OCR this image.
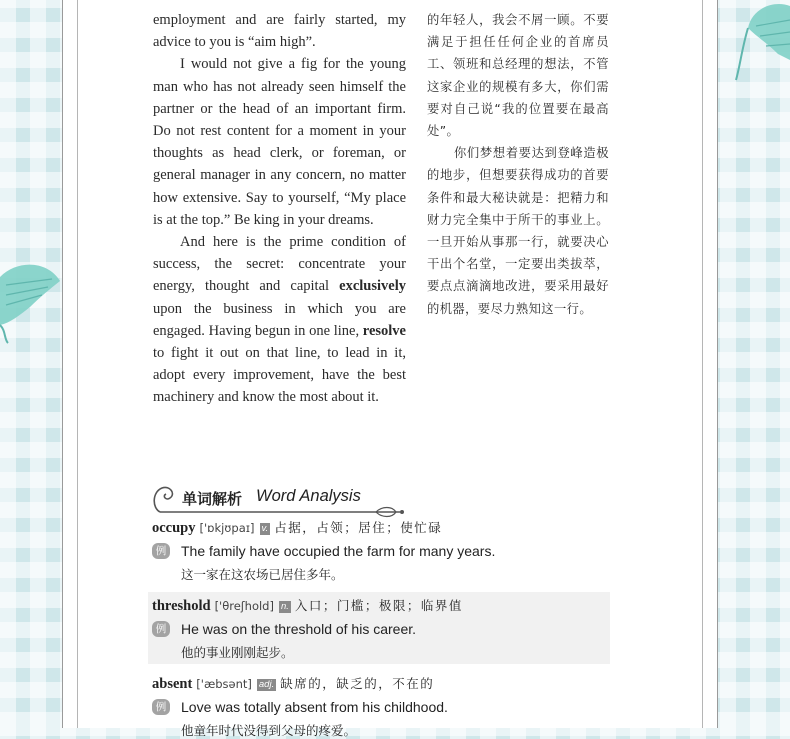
employment and are fairly started, my advice to you is “aim high”.

I would not give a fig for the young man who has not already seen himself the partner or the head of an important firm. Do not rest content for a moment in your thoughts as head clerk, or foreman, or general manager in any concern, no matter how extensive. Say to yourself, “My place is at the top.” Be king in your dreams.

And here is the prime condition of success, the secret: concentrate your energy, thought and capital exclusively upon the business in which you are engaged. Having begun in one line, resolve to fight it out on that line, to lead in it, adopt every improvement, have the best machinery and know the most about it.

的年轻人，我会不屑一顾。不要满足于担任任何企业的首席员工、领班和总经理的想法，不管这家企业的规模有多大，你们需要对自己说“我的位置要在最高处”。

你们梦想着要达到登峰造极的地步，但想要获得成功的首要条件和最大秘诀就是：把精力和财力完全集中于所干的事业上。一旦开始从事那一行，就要决心干出个名堂，一定要出类拔萃，要点点滴滴地改进，要采用最好的机器，要尽力熟知这一行。

单词解析 Word Analysis
occupy ['ɒkjʊpaɪ] v. 占据，占领；居住；使忙碌
例 The family have occupied the farm for many years.
这一家在这农场已居住多年。
threshold ['θreʃhold] n. 入口；门槛；极限；临界值
例 He was on the threshold of his career.
他的事业刚刚起步。
absent ['æbsənt] adj. 缺席的，缺乏的，不在的
例 Love was totally absent from his childhood.
他童年时代没得到父母的疼爱。
